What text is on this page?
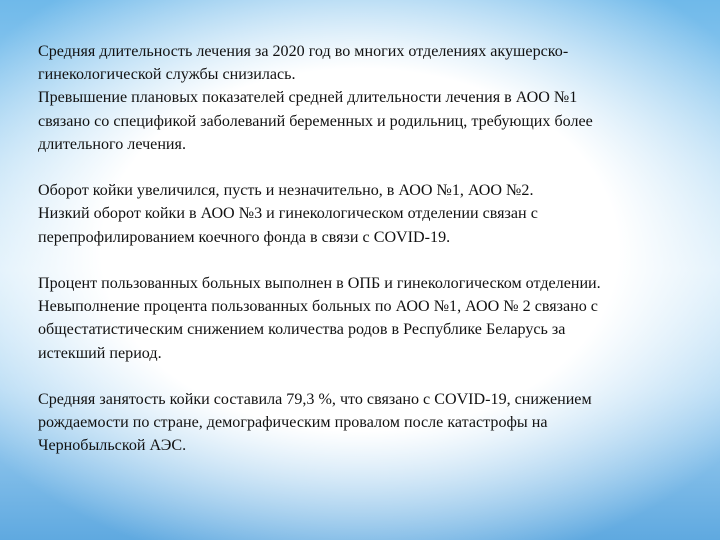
Средняя длительность лечения за 2020 год во многих отделениях акушерско-
гинекологической службы снизилась.
Превышение плановых показателей средней длительности лечения в АОО №1
связано со спецификой заболеваний беременных и родильниц, требующих более
длительного лечения.

Оборот койки увеличился, пусть и незначительно, в АОО №1, АОО №2.
Низкий оборот койки в АОО №3 и гинекологическом отделении связан с
перепрофилированием коечного фонда в связи с COVID-19.

Процент пользованных больных выполнен в ОПБ и гинекологическом отделении.
Невыполнение процента пользованных больных по АОО №1, АОО № 2 связано с
общестатистическим снижением количества родов в Республике Беларусь за
истекший период.

Средняя занятость койки составила 79,3 %, что связано с COVID-19, снижением
рождаемости по стране, демографическим провалом после катастрофы на
Чернобыльской АЭС.
